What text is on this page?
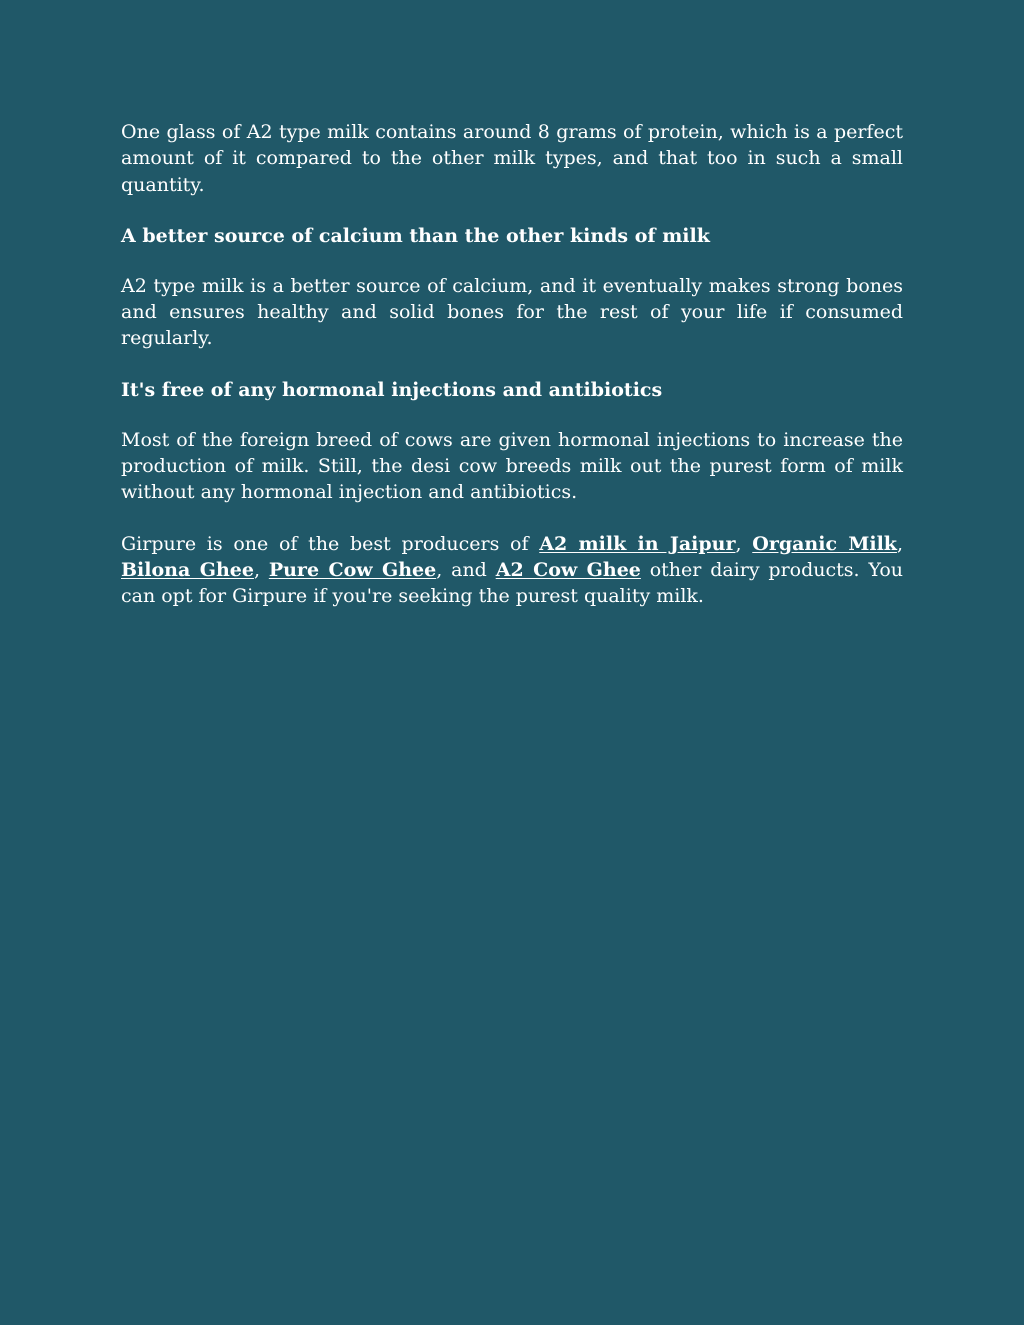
One glass of A2 type milk contains around 8 grams of protein, which is a perfect amount of it compared to the other milk types, and that too in such a small quantity.

A better source of calcium than the other kinds of milk

A2 type milk is a better source of calcium, and it eventually makes strong bones and ensures healthy and solid bones for the rest of your life if consumed regularly.

It's free of any hormonal injections and antibiotics

Most of the foreign breed of cows are given hormonal injections to increase the production of milk. Still, the desi cow breeds milk out the purest form of milk without any hormonal injection and antibiotics.

Girpure is one of the best producers of A2 milk in Jaipur, Organic Milk, Bilona Ghee, Pure Cow Ghee, and A2 Cow Ghee other dairy products. You can opt for Girpure if you're seeking the purest quality milk.
